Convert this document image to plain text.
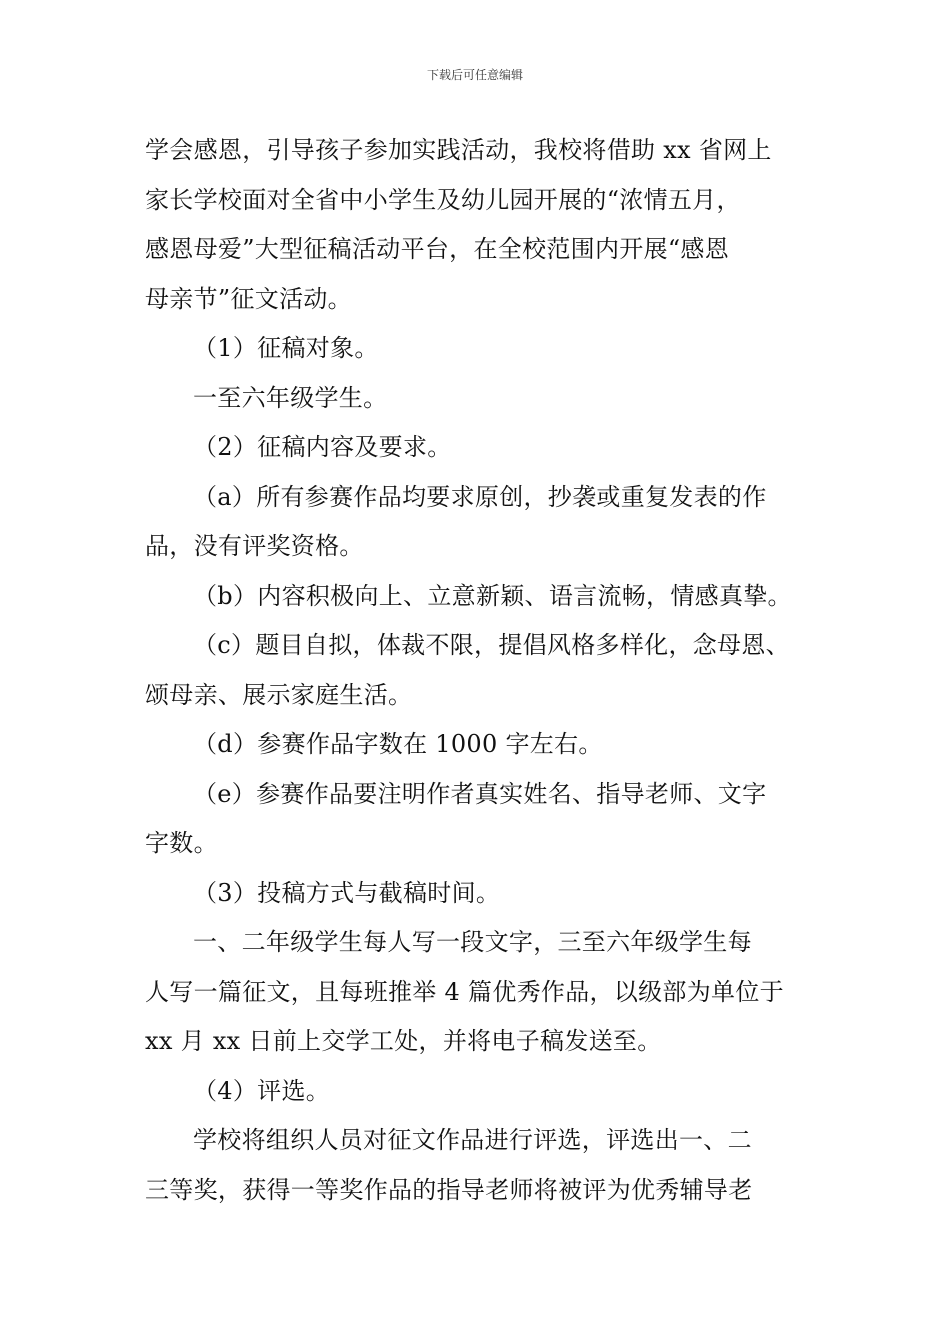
下载后可任意编辑
学会感恩，引导孩子参加实践活动，我校将借助 xx 省网上
家长学校面对全省中小学生及幼儿园开展的“浓情五月，
感恩母爱”大型征稿活动平台，在全校范围内开展“感恩
母亲节”征文活动。
（1）征稿对象。
一至六年级学生。
（2）征稿内容及要求。
（a）所有参赛作品均要求原创，抄袭或重复发表的作
品，没有评奖资格。
（b）内容积极向上、立意新颖、语言流畅，情感真挚。
（c）题目自拟，体裁不限，提倡风格多样化，念母恩、
颂母亲、展示家庭生活。
（d）参赛作品字数在 1000 字左右。
（e）参赛作品要注明作者真实姓名、指导老师、文字
字数。
（3）投稿方式与截稿时间。
一、二年级学生每人写一段文字，三至六年级学生每
人写一篇征文，且每班推举 4 篇优秀作品，以级部为单位于
xx 月 xx 日前上交学工处，并将电子稿发送至。
（4）评选。
学校将组织人员对征文作品进行评选，评选出一、二
三等奖，获得一等奖作品的指导老师将被评为优秀辅导老
